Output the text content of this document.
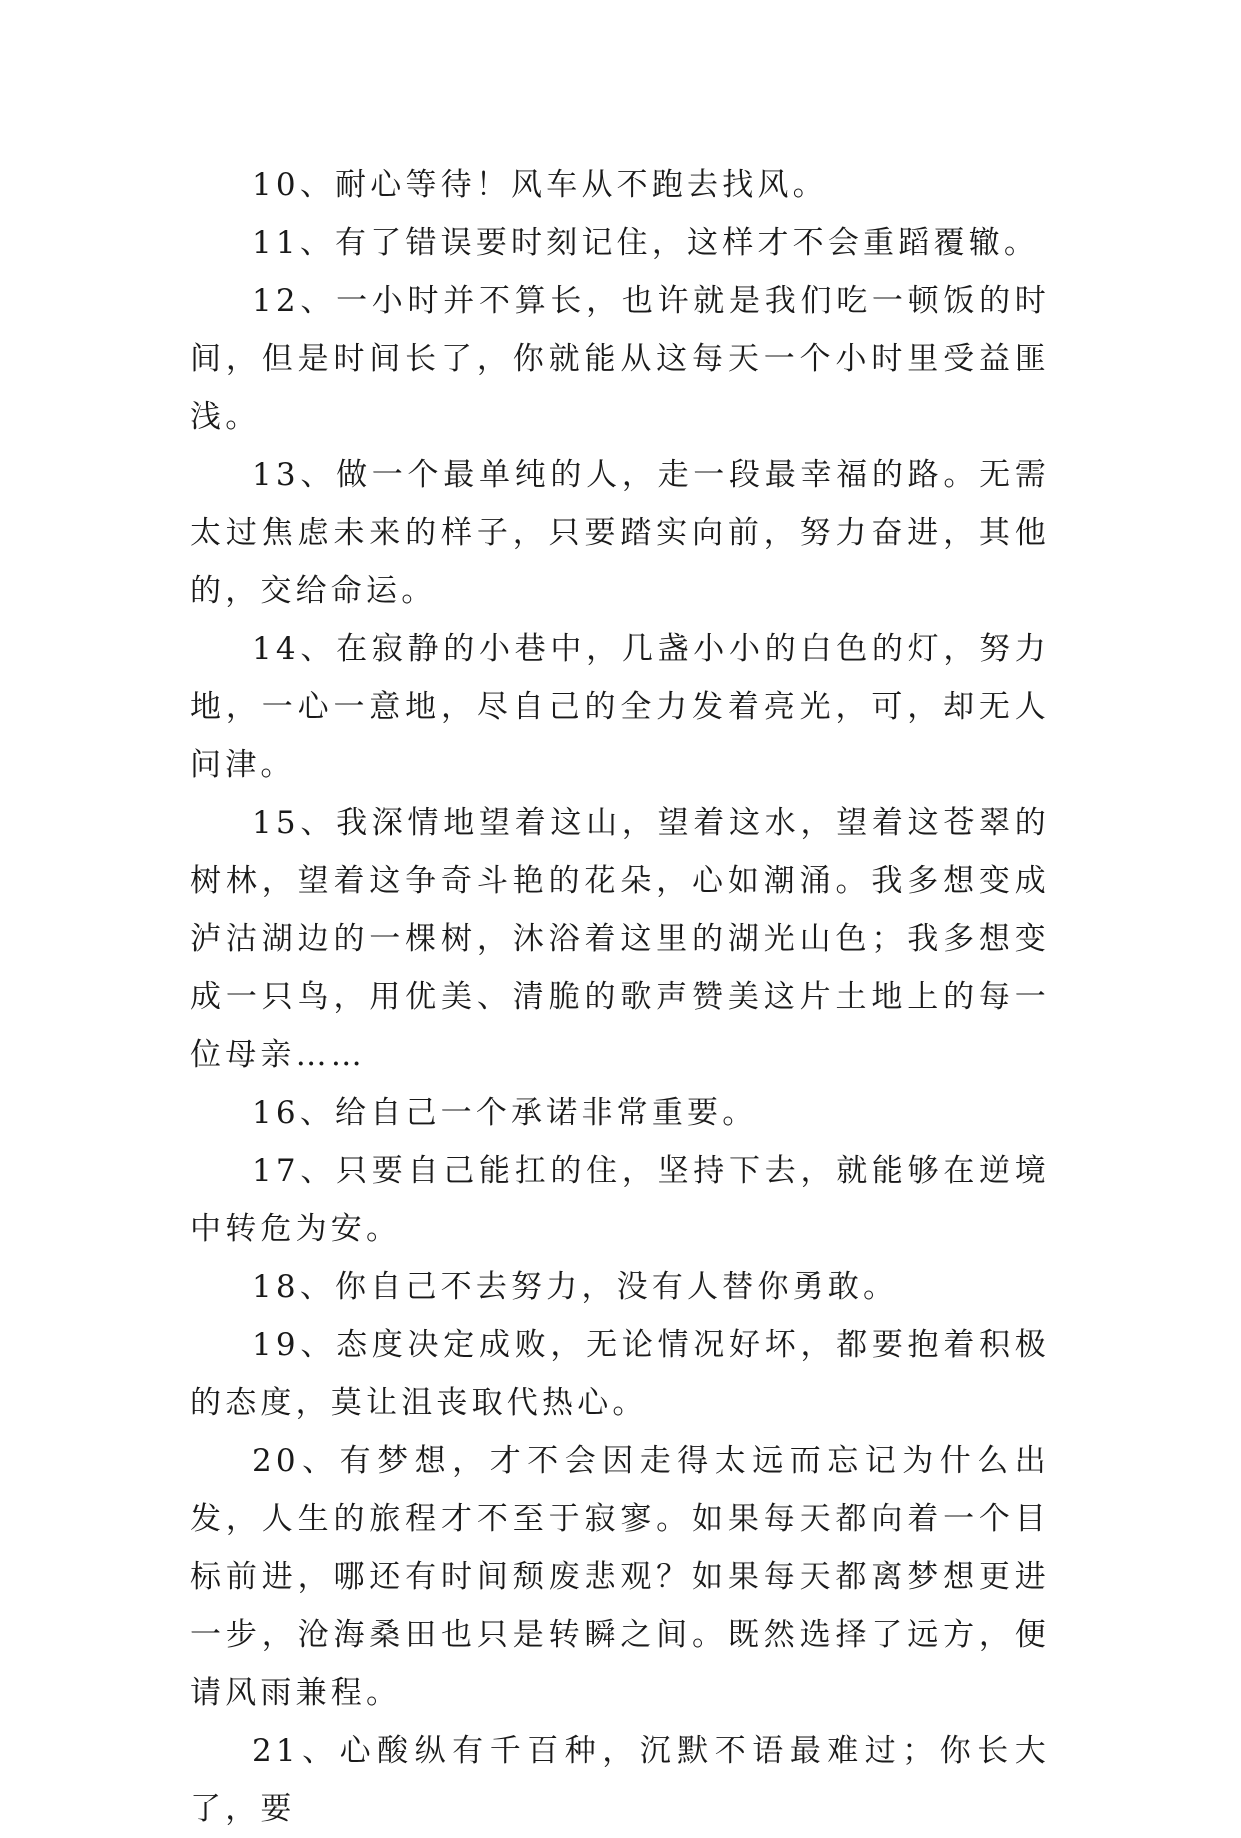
10、耐心等待！风车从不跑去找风。

11、有了错误要时刻记住，这样才不会重蹈覆辙。

12、一小时并不算长，也许就是我们吃一顿饭的时间，但是时间长了，你就能从这每天一个小时里受益匪浅。

13、做一个最单纯的人，走一段最幸福的路。无需太过焦虑未来的样子，只要踏实向前，努力奋进，其他的，交给命运。

14、在寂静的小巷中，几盏小小的白色的灯，努力地，一心一意地，尽自己的全力发着亮光，可，却无人问津。

15、我深情地望着这山，望着这水，望着这苍翠的树林，望着这争奇斗艳的花朵，心如潮涌。我多想变成泸沽湖边的一棵树，沐浴着这里的湖光山色；我多想变成一只鸟，用优美、清脆的歌声赞美这片土地上的每一位母亲……

16、给自己一个承诺非常重要。

17、只要自己能扛的住，坚持下去，就能够在逆境中转危为安。

18、你自己不去努力，没有人替你勇敢。

19、态度决定成败，无论情况好坏，都要抱着积极的态度，莫让沮丧取代热心。

20、有梦想，才不会因走得太远而忘记为什么出发，人生的旅程才不至于寂寥。如果每天都向着一个目标前进，哪还有时间颓废悲观？如果每天都离梦想更进一步，沧海桑田也只是转瞬之间。既然选择了远方，便请风雨兼程。

21、心酸纵有千百种，沉默不语最难过；你长大了，要
